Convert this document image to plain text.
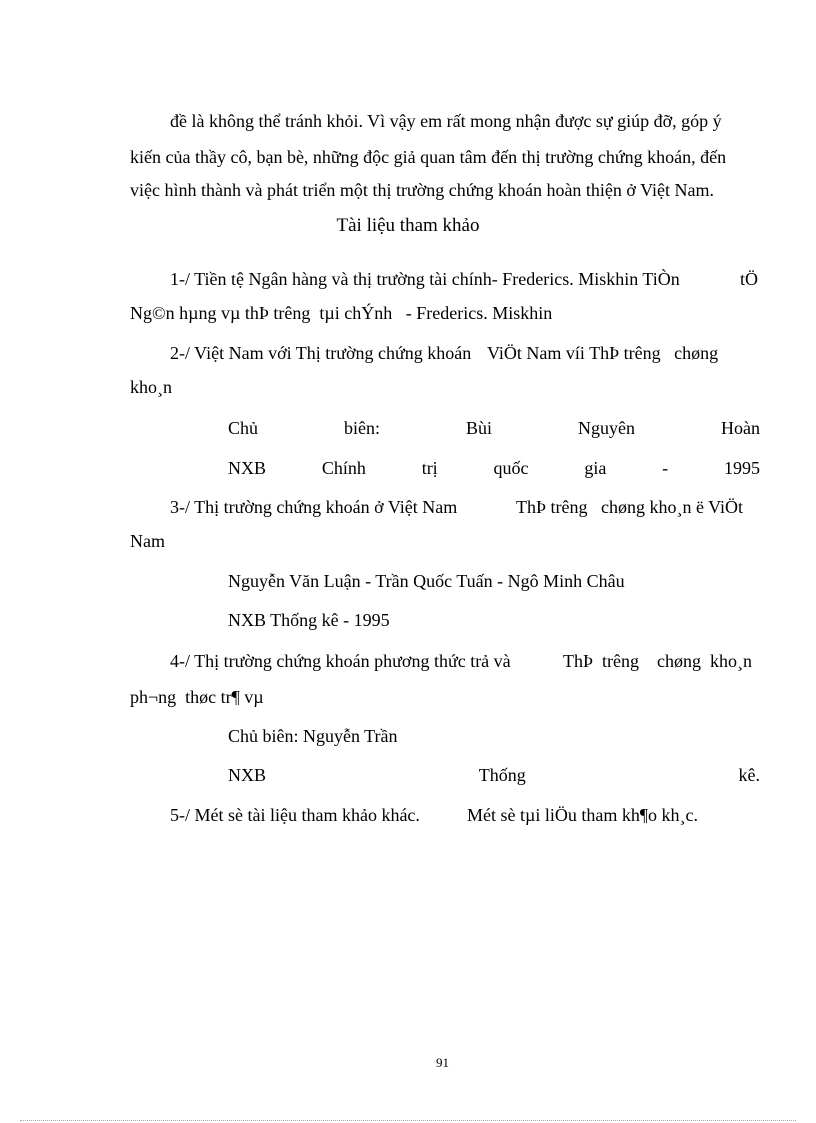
đề là không thể tránh khỏi. Vì vậy em rất mong nhận được sự giúp đỡ, góp ý
kiến của thầy cô, bạn bè, những độc giả quan tâm đến thị trường chứng khoán, đến
việc hình thành và phát triển một thị trường chứng khoán hoàn thiện ở Việt Nam.
Tài liệu tham khảo
1-/ Tiền tệ Ngân hàng và thị trường tài chính- Frederics. Miskhin TiÒn	tÖ
Ng©n hµng vµ thÞ trêng  tµi chÝnh   - Frederics. Miskhin
2-/ Việt Nam với Thị trường chứng khoán ViÖt Nam víi ThÞ trêng   chøng
kho¸n
Chủ	biên:	Bùi	Nguyên	Hoàn
NXB	Chính	trị	quốc	gia	-	1995
3-/ Thị trường chứng khoán ở Việt Nam	ThÞ trêng   chøng kho¸n ë ViÖt
Nam
Nguyễn Văn Luận - Trần Quốc Tuấn - Ngô Minh Châu
NXB Thống kê - 1995
4-/ Thị trường chứng khoán phương thức trả và	ThÞ  trêng    chøng  kho¸n
ph¬ng  thøc tr¶ vµ
Chủ biên: Nguyễn Trần
NXB	Thống	kê.
5-/ Mét sè tài liệu tham khảo khác.	Mét sè tµi liÖu tham kh¶o kh¸c.
91
